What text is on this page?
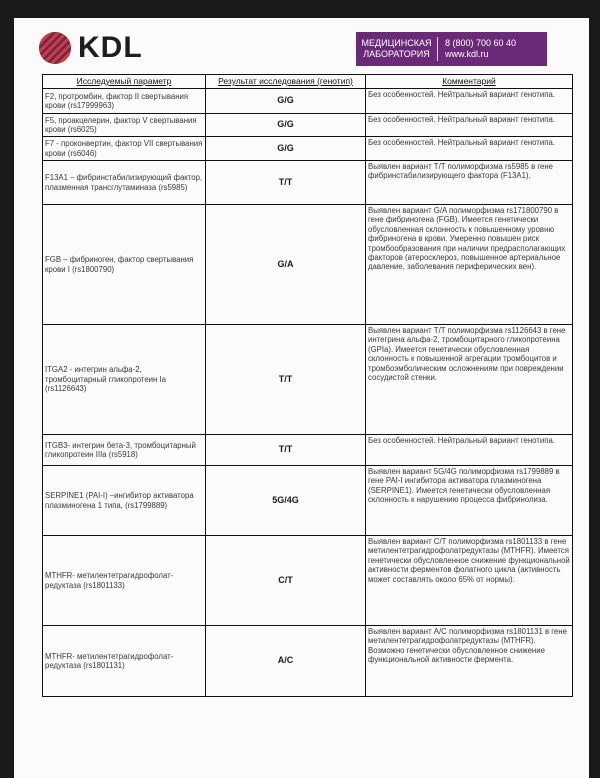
KDL	МЕДИЦИНСКАЯ
ЛАБОРАТОРИЯ
8 (800) 700 60 40
www.kdl.ru
Исследуемый параметр	Результат исследования (генотип)	Комментарий
F2, протромбин, фактор II свертывания крови (rs17999963)	G/G	Без особенностей. Нейтральный вариант генотипа.
F5, проакцелерин, фактор V свертывания крови (rs6025)	G/G	Без особенностей. Нейтральный вариант генотипа.
F7 - проконвертин, фактор VII свертывания крови (rs6046)	G/G	Без особенностей. Нейтральный вариант генотипа.
F13A1 – фибринстабилизирующий фактор, плазменная трансглутаминаза (rs5985)	T/T	Выявлен вариант T/T полиморфизма rs5985 в гене фибринстабилизирующего фактора (F13A1).
FGB – фибриноген, фактор свертывания крови I (rs1800790)	G/A	Выявлен вариант G/A полиморфизма rs171800790 в гене фибриногена (FGB). Имеется генетически обусловленная склонность к повышенному уровню фибриногена в крови. Умеренно повышен риск тромбообразования при наличии предрасполагающих факторов (атеросклероз, повышенное артериальное давление, заболевания периферических вен).
ITGA2 - интегрин альфа-2, тромбоцитарный гликопротеин Ia (rs1126643)	T/T	Выявлен вариант T/T полиморфизма rs1126643 в гене интегрина альфа-2, тромбоцитарного гликопротеина (GPIa). Имеется генетически обусловленная склонность к повышенной агрегации тромбоцитов и тромбоэмболическим осложнениям при повреждении сосудистой стенки.
ITGB3- интегрин бета-3, тромбоцитарный гликопротеин IIIa (rs5918)	T/T	Без особенностей. Нейтральный вариант генотипа.
SERPINE1 (PAI-I) –ингибитор активатора плазминогена 1 типа, (rs1799889)	5G/4G	Выявлен вариант 5G/4G полиморфизма rs1799889 в гене PAI-I ингибитора активатора плазминогена (SERPINE1). Имеется генетически обусловленная склонность к нарушению процесса фибринолиза.
MTHFR- метилентетрагидрофолат-редуктаза (rs1801133)	C/T	Выявлен вариант C/T полиморфизма rs1801133 в гене метилентетрагидрофолатредуктазы (MTHFR). Имеется генетически обусловленное снижение функциональной активности ферментов фолатного цикла (активность может составлять около 65% от нормы).
MTHFR- метилентетрагидрофолат-редуктаза (rs1801131)	A/C	Выявлен вариант A/C полиморфизма rs1801131 в гене метилентетрагидрофолатредуктазы (MTHFR). Возможно генетически обусловленное снижение функциональной активности фермента.
